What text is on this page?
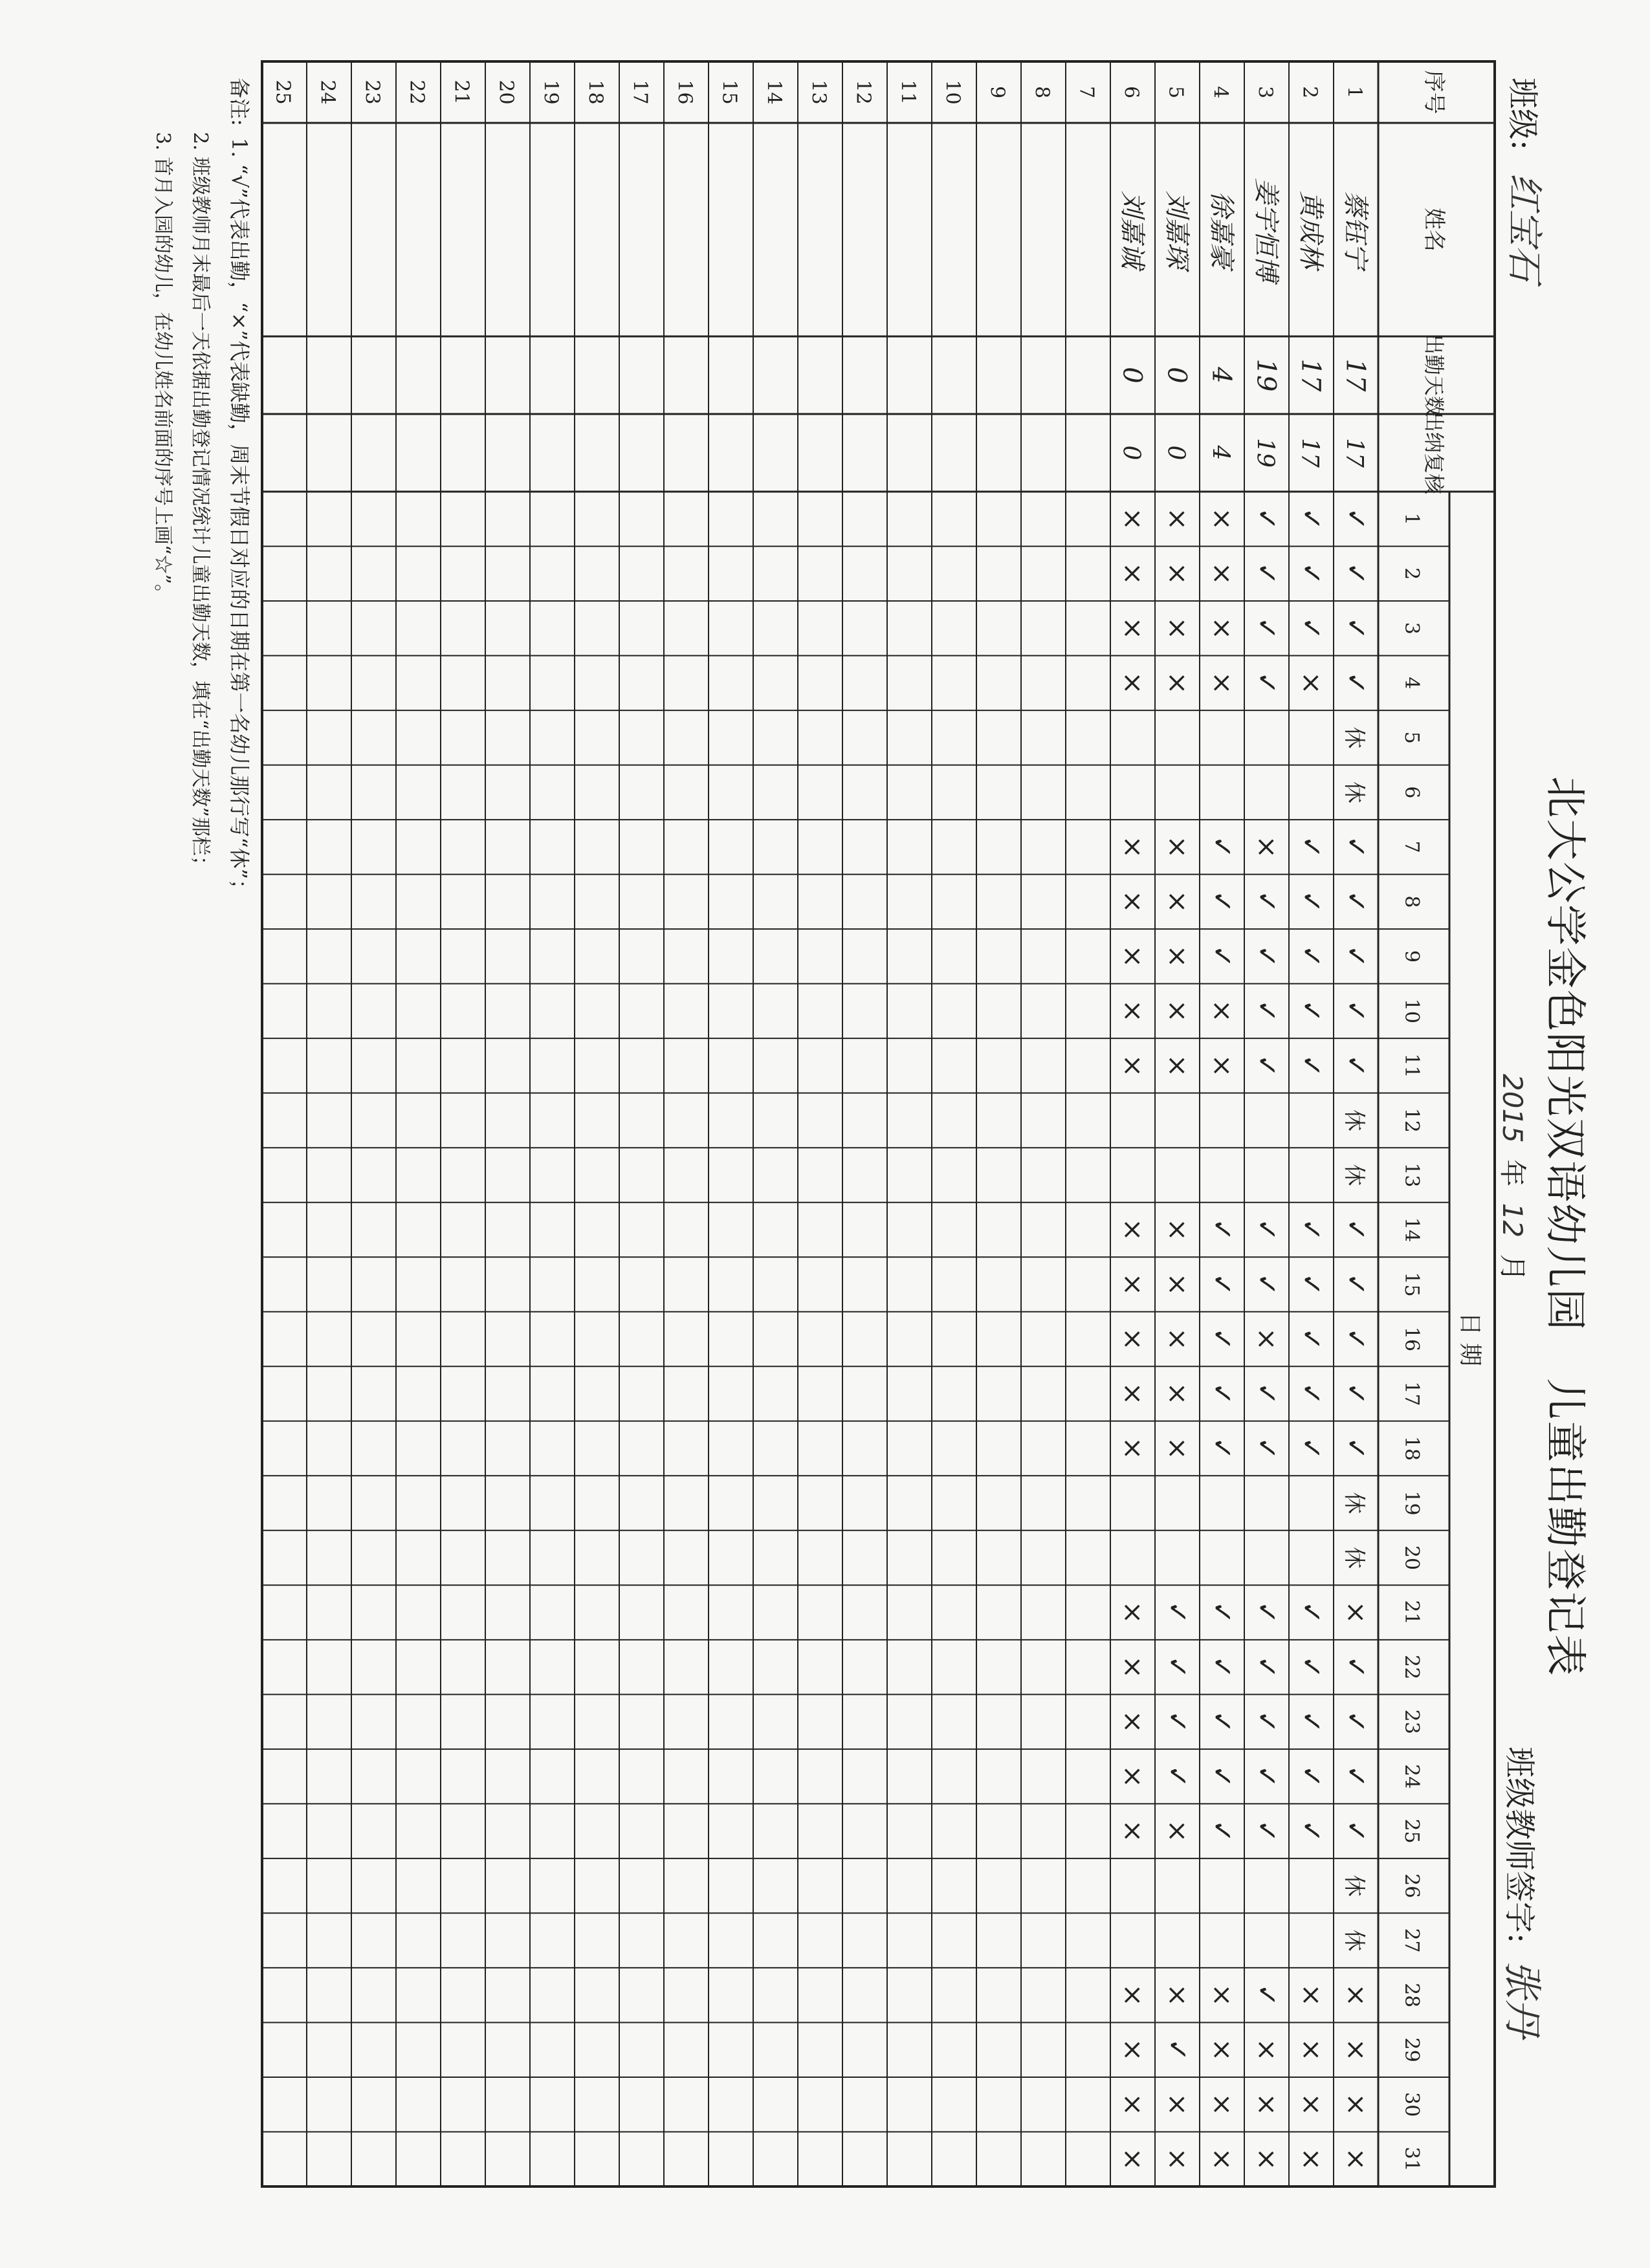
班级: 红宝石
北大公学金色阳光双语幼儿园 儿童出勤登记表
2015 年 12 月
班级教师签字: 张丹
序号
姓名
出勤天数
出纳复核
日 期
1
2
3
4
5
6
7
8
9
10
11
12
13
14
15
16
17
18
19
20
21
22
23
24
25
26
27
28
29
30
31
1
2
3
4
5
6
7
8
9
10
11
12
13
14
15
16
17
18
19
20
21
22
23
24
25
蔡钰宁
17
17
✓
✓
✓
✓
休
休
✓
✓
✓
✓
✓
休
休
✓
✓
✓
✓
✓
休
休
×
✓
✓
✓
✓
休
休
×
×
×
×
黄成林
17
17
✓
✓
✓
×
✓
✓
✓
✓
✓
✓
✓
✓
✓
✓
✓
✓
✓
✓
✓
×
×
×
×
姜宇恒博
19
19
✓
✓
✓
✓
×
✓
✓
✓
✓
✓
✓
×
✓
✓
✓
✓
✓
✓
✓
✓
×
×
×
徐嘉豪
4
4
×
×
×
×
✓
✓
✓
×
×
✓
✓
✓
✓
✓
✓
✓
✓
✓
✓
×
×
×
×
刘嘉琛
0
0
×
×
×
×
×
×
×
×
×
×
×
×
×
×
✓
✓
✓
✓
×
×
✓
×
×
刘嘉诚
0
0
×
×
×
×
×
×
×
×
×
×
×
×
×
×
×
×
×
×
×
×
×
×
×
备注: 1. “√”代表出勤，“×”代表缺勤，周末节假日对应的日期在第一名幼儿那行写“休”；
2. 班级教师月末最后一天依据出勤登记情况统计儿童出勤天数，填在“出勤天数”那栏；
3. 首月入园的幼儿，在幼儿姓名前面的序号上画“☆”。
